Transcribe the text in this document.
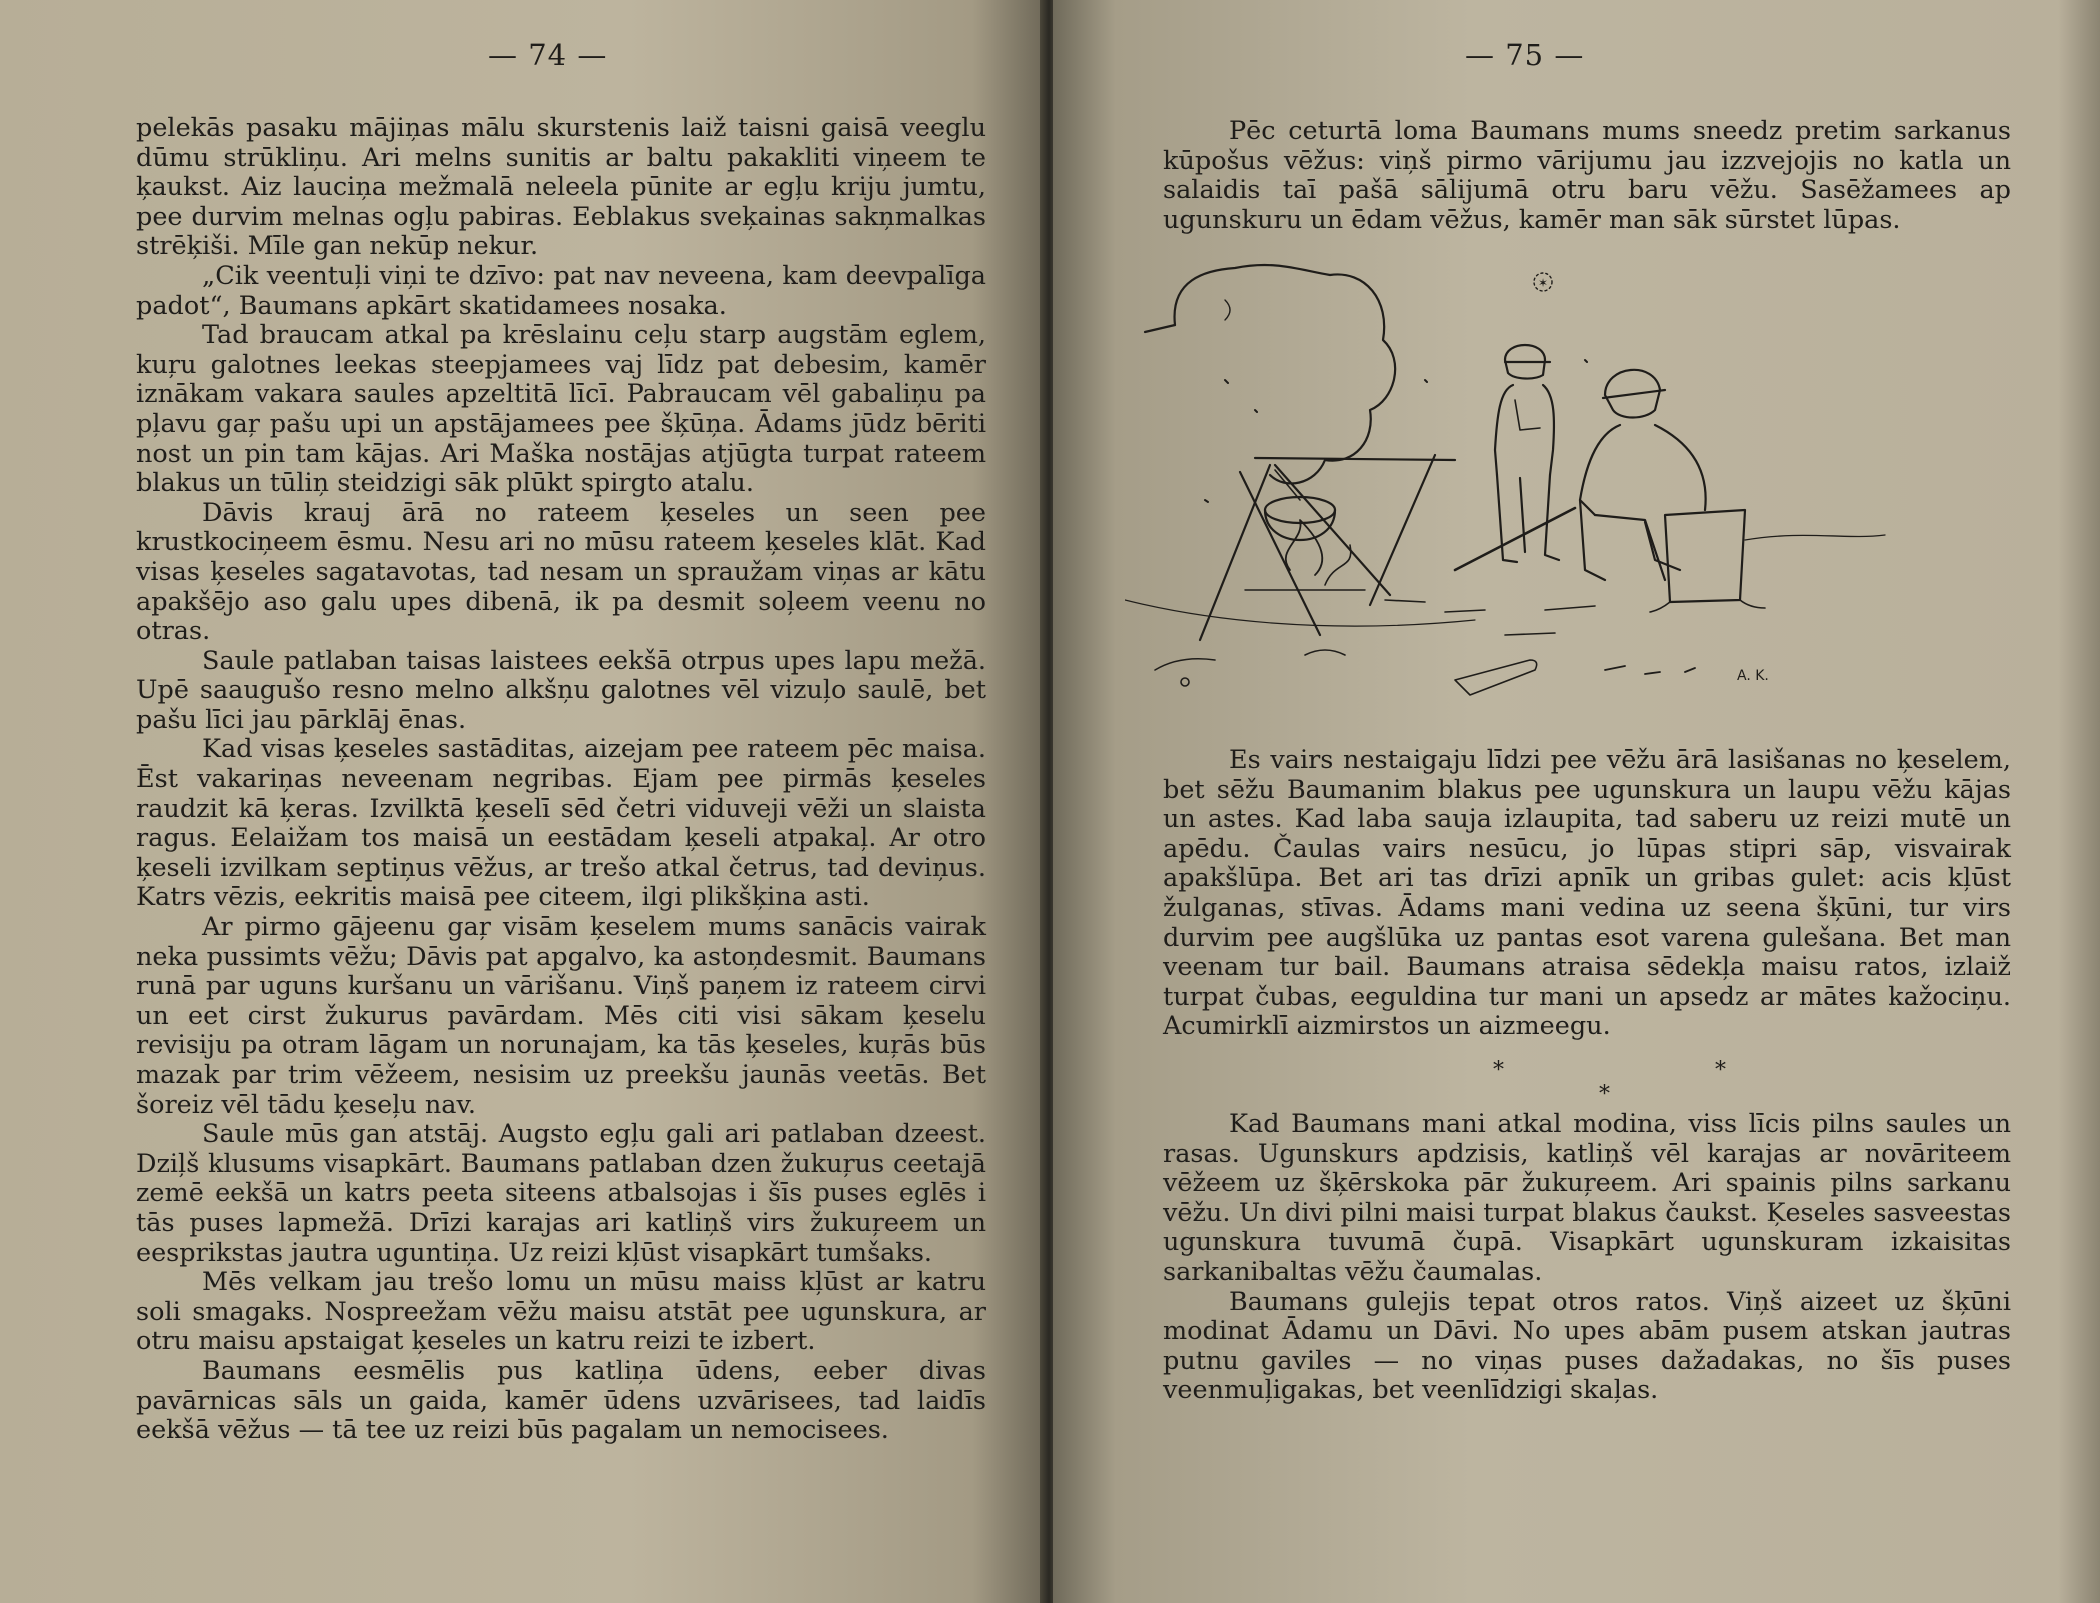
— 74 —

pelekās pasaku mājiņas mālu skurstenis laiž taisni gaisā veeglu dūmu strūkliņu. Ari melns sunitis ar baltu pakakliti viņeem te ķaukst. Aiz lauciņa mežmalā neleela pūnite ar egļu kriju jumtu, pee durvim melnas ogļu pabiras. Eeblakus sveķainas sakņmalkas strēķiši. Mīle gan nekūp nekur.

„Cik veentuļi viņi te dzīvo: pat nav neveena, kam deevpalīga padot“, Baumans apkārt skatidamees nosaka.

Tad braucam atkal pa krēslainu ceļu starp augstām eglem, kuŗu galotnes leekas steepjamees vaj līdz pat debesim, kamēr iznākam vakara saules apzeltitā līcī. Pabraucam vēl gabaliņu pa pļavu gaŗ pašu upi un apstājamees pee šķūņa. Ādams jūdz bēriti nost un pin tam kājas. Ari Maška nostājas atjūgta turpat rateem blakus un tūliņ steidzigi sāk plūkt spirgto atalu.

Dāvis krauj ārā no rateem ķeseles un seen pee krustkociņeem ēsmu. Nesu ari no mūsu rateem ķeseles klāt. Kad visas ķeseles sagatavotas, tad nesam un spraužam viņas ar kātu apakšējo aso galu upes dibenā, ik pa desmit soļeem veenu no otras.

Saule patlaban taisas laistees eekšā otrpus upes lapu mežā. Upē saaugušo resno melno alkšņu galotnes vēl vizuļo saulē, bet pašu līci jau pārklāj ēnas.

Kad visas ķeseles sastāditas, aizejam pee rateem pēc maisa. Ēst vakariņas neveenam negribas. Ejam pee pirmās ķeseles raudzit kā ķeras. Izvilktā ķeselī sēd četri viduveji vēži un slaista ragus. Eelaižam tos maisā un eestādam ķeseli atpakaļ. Ar otro ķeseli izvilkam septiņus vēžus, ar trešo atkal četrus, tad deviņus. Katrs vēzis, eekritis maisā pee citeem, ilgi plikšķina asti.

Ar pirmo gājeenu gaŗ visām ķeselem mums sanācis vairak neka pussimts vēžu; Dāvis pat apgalvo, ka astoņdesmit. Baumans runā par uguns kuršanu un vārišanu. Viņš paņem iz rateem cirvi un eet cirst žukurus pavārdam. Mēs citi visi sākam ķeselu revisiju pa otram lāgam un norunajam, ka tās ķeseles, kuŗās būs mazak par trim vēžeem, nesisim uz preekšu jaunās veetās. Bet šoreiz vēl tādu ķeseļu nav.

Saule mūs gan atstāj. Augsto egļu gali ari patlaban dzeest. Dziļš klusums visapkārt. Baumans patlaban dzen žukuŗus ceetajā zemē eekšā un katrs peeta siteens atbalsojas i šīs puses eglēs i tās puses lapmežā. Drīzi karajas ari katliņš virs žukuŗeem un eesprikstas jautra uguntiņa. Uz reizi kļūst visapkārt tumšaks.

Mēs velkam jau trešo lomu un mūsu maiss kļūst ar katru soli smagaks. Nospreežam vēžu maisu atstāt pee ugunskura, ar otru maisu apstaigat ķeseles un katru reizi te izbert.

Baumans eesmēlis pus katliņa ūdens, eeber divas pavārnicas sāls un gaida, kamēr ūdens uzvārisees, tad laidīs eekšā vēžus — tā tee uz reizi būs pagalam un nemocisees.

— 75 —

Pēc ceturtā loma Baumans mums sneedz pretim sarkanus kūpošus vēžus: viņš pirmo vārijumu jau izzvejojis no katla un salaidis taī pašā sālijumā otru baru vēžu. Sasēžamees ap ugunskuru un ēdam vēžus, kamēr man sāk sūrstet lūpas.

Es vairs nestaigaju līdzi pee vēžu ārā lasišanas no ķeselem, bet sēžu Baumanim blakus pee ugunskura un laupu vēžu kājas un astes. Kad laba sauja izlaupita, tad saberu uz reizi mutē un apēdu. Čaulas vairs nesūcu, jo lūpas stipri sāp, visvairak apakšlūpa. Bet ari tas drīzi apnīk un gribas gulet: acis kļūst žulganas, stīvas. Ādams mani vedina uz seena šķūni, tur virs durvim pee augšlūka uz pantas esot varena gulešana. Bet man veenam tur bail. Baumans atraisa sēdekļa maisu ratos, izlaiž turpat čubas, eeguldina tur mani un apsedz ar mātes kažociņu. Acumirklī aizmirstos un aizmeegu.

*
*
*

Kad Baumans mani atkal modina, viss līcis pilns saules un rasas. Ugunskurs apdzisis, katliņš vēl karajas ar novāriteem vēžeem uz šķērskoka pār žukuŗeem. Ari spainis pilns sarkanu vēžu. Un divi pilni maisi turpat blakus čaukst. Ķeseles sasveestas ugunskura tuvumā čupā. Visapkārt ugunskuram izkaisitas sarkanibaltas vēžu čaumalas.

Baumans gulejis tepat otros ratos. Viņš aizeet uz šķūni modinat Ādamu un Dāvi. No upes abām pusem atskan jautras putnu gaviles — no viņas puses dažadakas, no šīs puses veenmuļigakas, bet veenlīdzigi skaļas.

✶
A. K.
